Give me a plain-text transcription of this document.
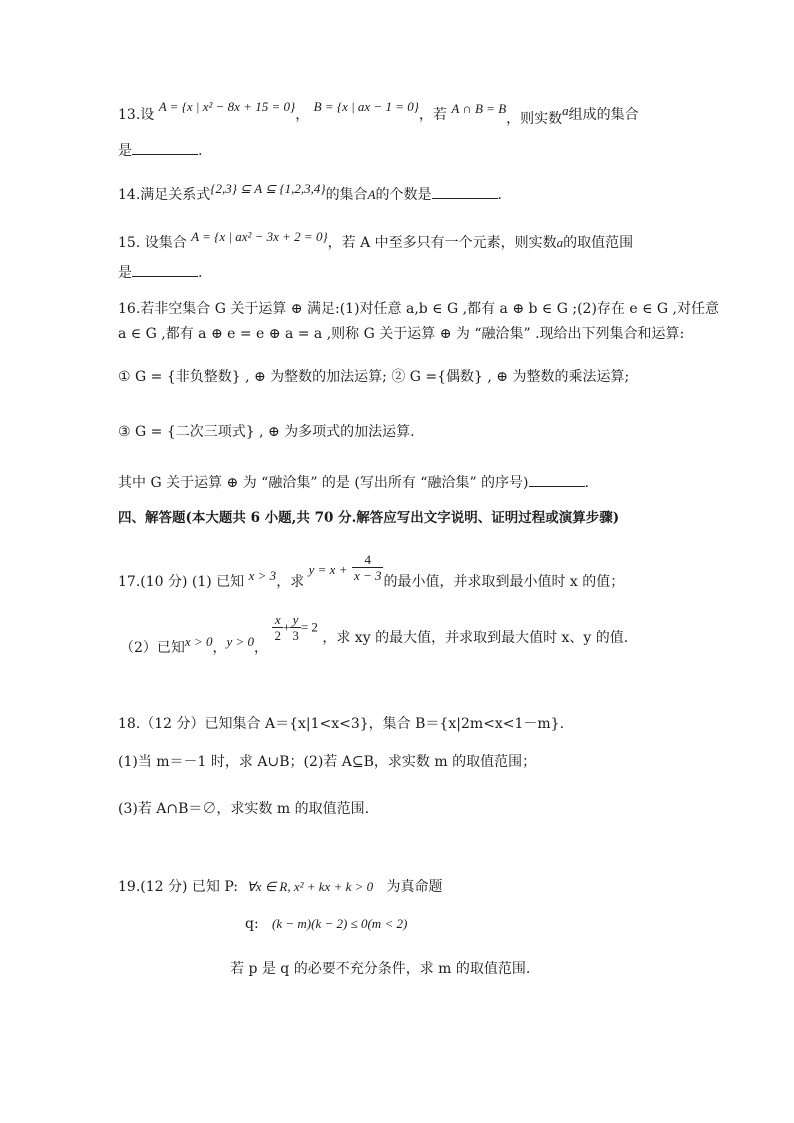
13.设 A = {x | x² − 8x + 15 = 0}， B = {x | ax − 1 = 0}，若 A ∩ B = B，则实数a组成的集合
是	.
14.满足关系式{2,3} ⊆ A ⊆ {1,2,3,4}的集合A的个数是	.
15. 设集合 A = {x | ax² − 3x + 2 = 0}，若 A 中至多只有一个元素，则实数a的取值范围
是	.
16.若非空集合 G 关于运算 ⊕ 满足:(1)对任意 a,b ∈ G ,都有 a ⊕ b ∈ G ;(2)存在 e ∈ G ,对任意
a ∈ G ,都有 a ⊕ e = e ⊕ a = a ,则称 G 关于运算 ⊕ 为 “融洽集” .现给出下列集合和运算:
① G = {非负整数} , ⊕ 为整数的加法运算; ② G ={偶数} , ⊕ 为整数的乘法运算;
③ G = {二次三项式} , ⊕ 为多项式的加法运算.
其中 G 关于运算 ⊕ 为 “融洽集” 的是 (写出所有 “融洽集” 的序号)	.
四、解答题(本大题共 6 小题,共 70 分.解答应写出文字说明、证明过程或演算步骤)
17.(10 分) (1) 已知 x > 3，求 $y = x + \frac{4}{x - 3}$ 的最小值，并求取到最小值时 x 的值；
（2）已知x > 0，y > 0，
$\frac{x}{2} + \frac{y}{3} = 2$ ，求 xy 的最大值，并求取到最大值时 x、y 的值.
18.（12 分）已知集合 A＝{x|1<x<3}，集合 B＝{x|2m<x<1－m}.
(1)当 m＝－1 时，求 A∪B；(2)若 A⊆B，求实数 m 的取值范围；
(3)若 A∩B＝∅，求实数 m 的取值范围.
19.(12 分) 已知 P: ∀x ∈ R, x² + kx + k > 0 为真命题
q: (k − m)(k − 2) ≤ 0(m < 2)
若 p 是 q 的必要不充分条件，求 m 的取值范围.
